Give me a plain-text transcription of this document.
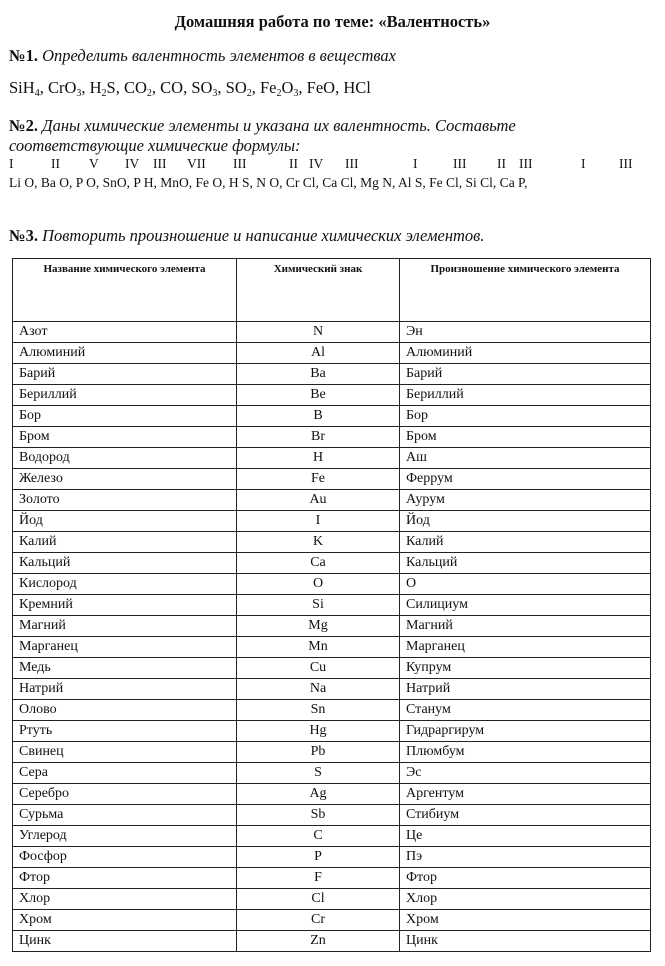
Домашняя работа по теме: «Валентность»
№1. Определить валентность элементов в веществах
SiH$_4$, CrO$_3$, $H_2S$, $CO_2$, CO, $SO_3$, $SO_2$, $Fe_2O_3$, FeO, HCl
№2. Даны химические элементы и указана их валентность. Составьте соответствующие химические формулы:
I	II V IV III VII III	II IV III	I	III II III	I III
Li O, Ba O, P O, SnO, P H, MnO, Fe O, H S, N O, Cr Cl, Ca Cl, Mg N, Al S, Fe Cl, Si Cl, Ca P,
№3. Повторить произношение и написание химических элементов.
Название химического элемента	Химический знак	Произношение химического элемента
Азот	N	Эн
Алюминий	Al	Алюминий
Барий	Ba	Барий
Бериллий	Be	Бериллий
Бор	B	Бор
Бром	Br	Бром
Водород	H	Аш
Железо	Fe	Феррум
Золото	Au	Аурум
Йод	I	Йод
Калий	K	Калий
Кальций	Ca	Кальций
Кислород	O	О
Кремний	Si	Силициум
Магний	Mg	Магний
Марганец	Mn	Марганец
Медь	Cu	Купрум
Натрий	Na	Натрий
Олово	Sn	Станум
Ртуть	Hg	Гидраргирум
Свинец	Pb	Плюмбум
Сера	S	Эс
Серебро	Ag	Аргентум
Сурьма	Sb	Стибиум
Углерод	C	Це
Фосфор	P	Пэ
Фтор	F	Фтор
Хлор	Cl	Хлор
Хром	Cr	Хром
Цинк	Zn	Цинк
